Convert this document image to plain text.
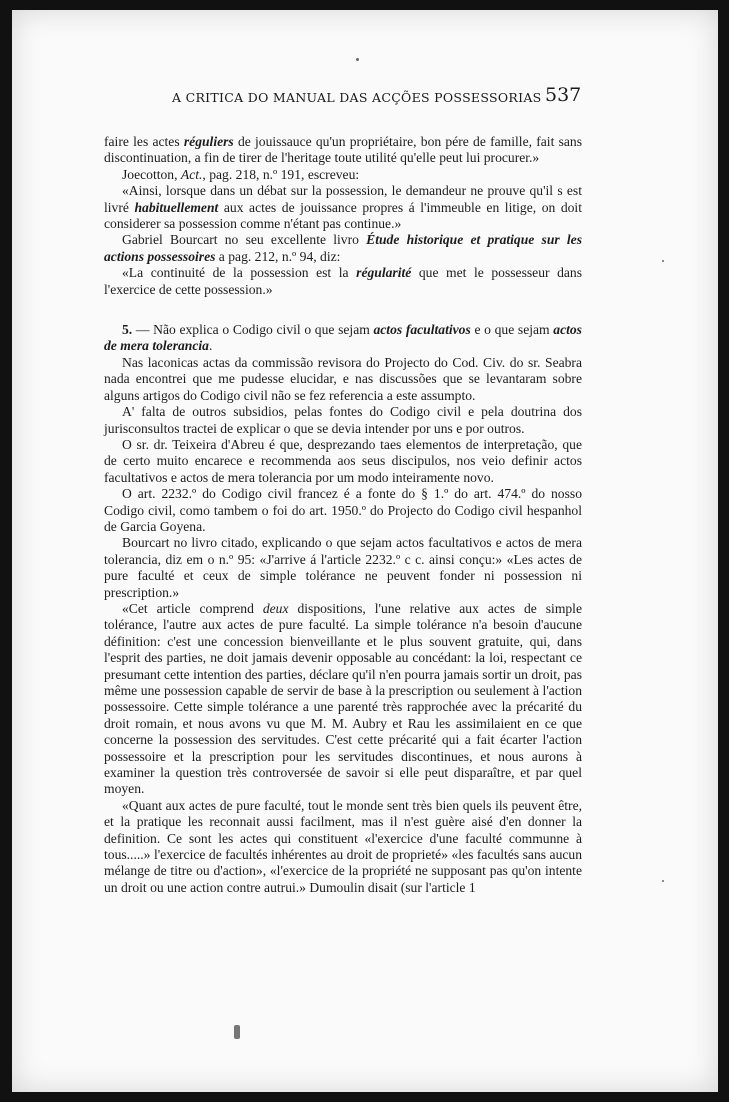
A CRITICA DO MANUAL DAS ACÇÕES POSSESSORIAS 537

faire les actes réguliers de jouissauce qu'un propriétaire, bon pére de famille, fait sans discontinuation, a fin de tirer de l'heritage toute utilité qu'elle peut lui procurer.»

Joecotton, Act., pag. 218, n.º 191, escreveu:

«Ainsi, lorsque dans un débat sur la possession, le demandeur ne prouve qu'il s est livré habituellement aux actes de jouissance propres á l'immeuble en litige, on doit considerer sa possession comme n'étant pas continue.»

Gabriel Bourcart no seu excellente livro Étude historique et pratique sur les actions possessoires a pag. 212, n.º 94, diz:

«La continuité de la possession est la régularité que met le possesseur dans l'exercice de cette possession.»

5. — Não explica o Codigo civil o que sejam actos facultativos e o que sejam actos de mera tolerancia.

Nas laconicas actas da commissão revisora do Projecto do Cod. Civ. do sr. Seabra nada encontrei que me pudesse elucidar, e nas discussões que se levantaram sobre alguns artigos do Codigo civil não se fez referencia a este assumpto.

A' falta de outros subsidios, pelas fontes do Codigo civil e pela doutrina dos jurisconsultos tractei de explicar o que se devia intender por uns e por outros.

O sr. dr. Teixeira d'Abreu é que, desprezando taes elementos de interpretação, que de certo muito encarece e recommenda aos seus discipulos, nos veio definir actos facultativos e actos de mera tolerancia por um modo inteiramente novo.

O art. 2232.º do Codigo civil francez é a fonte do § 1.º do art. 474.º do nosso Codigo civil, como tambem o foi do art. 1950.º do Projecto do Codigo civil hespanhol de Garcia Goyena.

Bourcart no livro citado, explicando o que sejam actos facultativos e actos de mera tolerancia, diz em o n.º 95: «J'arrive á l'article 2232.º c c. ainsi conçu:» «Les actes de pure faculté et ceux de simple tolérance ne peuvent fonder ni possession ni prescription.»

«Cet article comprend deux dispositions, l'une relative aux actes de simple tolérance, l'autre aux actes de pure faculté. La simple tolérance n'a besoin d'aucune définition: c'est une concession bienveillante et le plus souvent gratuite, qui, dans l'esprit des parties, ne doit jamais devenir opposable au concédant: la loi, respectant ce presumant cette intention des parties, déclare qu'il n'en pourra jamais sortir un droit, pas même une possession capable de servir de base à la prescription ou seulement à l'action possessoire. Cette simple tolérance a une parenté très rapprochée avec la précarité du droit romain, et nous avons vu que M. M. Aubry et Rau les assimilaient en ce que concerne la possession des servitudes. C'est cette précarité qui a fait écarter l'action possessoire et la prescription pour les servitudes discontinues, et nous aurons à examiner la question très controversée de savoir si elle peut disparaître, et par quel moyen.

«Quant aux actes de pure faculté, tout le monde sent très bien quels ils peuvent être, et la pratique les reconnait aussi facilment, mas il n'est guère aisé d'en donner la definition. Ce sont les actes qui constituent «l'exercice d'une faculté communne à tous.....» l'exercice de facultés inhérentes au droit de proprieté» «les facultés sans aucun mélange de titre ou d'action», «l'exercice de la propriété ne supposant pas qu'on intente un droit ou une action contre autrui.» Dumoulin disait (sur l'article 1
